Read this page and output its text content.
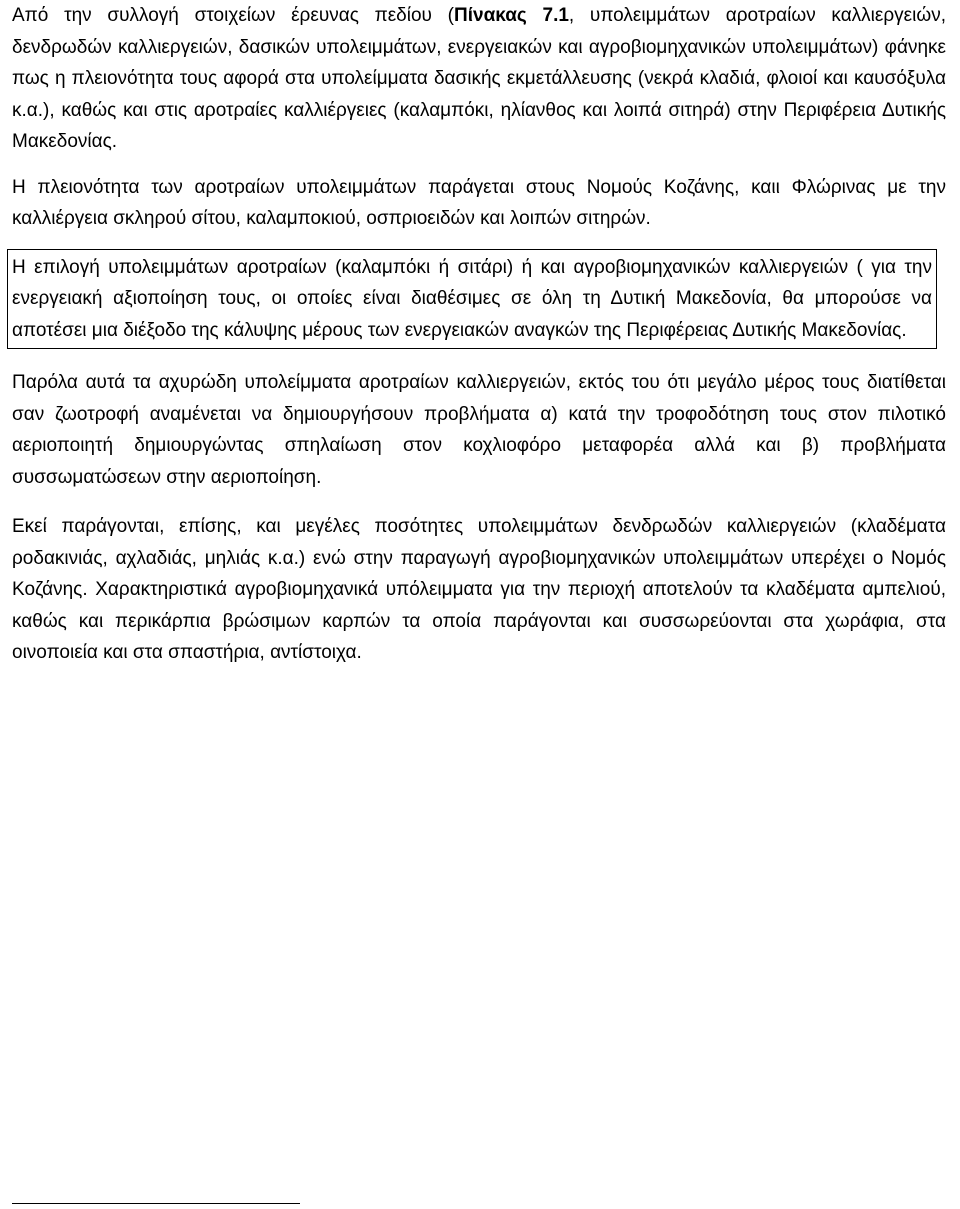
Από την συλλογή στοιχείων έρευνας πεδίου (Πίνακας 7.1, υπολειμμάτων αροτραίων καλλιεργειών, δενδρωδών καλλιεργειών, δασικών υπολειμμάτων, ενεργειακών και αγροβιομηχανικών υπολειμμάτων) φάνηκε πως η πλειονότητα τους αφορά στα υπολείμματα δασικής εκμετάλλευσης (νεκρά κλαδιά, φλοιοί και καυσόξυλα κ.α.), καθώς και στις αροτραίες καλλιέργειες (καλαμπόκι, ηλίανθος και λοιπά σιτηρά) στην Περιφέρεια Δυτικής Μακεδονίας.

Η πλειονότητα των αροτραίων υπολειμμάτων παράγεται στους Νομούς Κοζάνης, καιι Φλώρινας με την καλλιέργεια σκληρού σίτου, καλαμποκιού, οσπριοειδών και λοιπών σιτηρών.

Η επιλογή υπολειμμάτων αροτραίων (καλαμπόκι ή σιτάρι) ή και αγροβιομηχανικών καλλιεργειών ( για την ενεργειακή αξιοποίηση τους, οι οποίες είναι διαθέσιμες σε όλη τη Δυτική Μακεδονία, θα μπορούσε να αποτέσει μια διέξοδο της κάλυψης μέρους των ενεργειακών αναγκών της Περιφέρειας Δυτικής Μακεδονίας.

Παρόλα αυτά τα αχυρώδη υπολείμματα αροτραίων καλλιεργειών, εκτός του ότι μεγάλο μέρος τους διατίθεται σαν ζωοτροφή αναμένεται να δημιουργήσουν προβλήματα α) κατά την τροφοδότηση τους στον πιλοτικό αεριοποιητή δημιουργώντας σπηλαίωση στον κοχλιοφόρο μεταφορέα αλλά και β) προβλήματα συσσωματώσεων στην αεριοποίηση.

Εκεί παράγονται, επίσης, και μεγέλες ποσότητες υπολειμμάτων δενδρωδών καλλιεργειών (κλαδέματα ροδακινιάς, αχλαδιάς, μηλιάς κ.α.) ενώ στην παραγωγή αγροβιομηχανικών υπολειμμάτων υπερέχει ο Νομός Κοζάνης. Χαρακτηριστικά αγροβιομηχανικά υπόλειμματα για την περιοχή αποτελούν τα κλαδέματα αμπελιού, καθώς και περικάρπια βρώσιμων καρπών τα οποία παράγονται και συσσωρεύονται στα χωράφια, στα οινοποιεία και στα σπαστήρια, αντίστοιχα.
